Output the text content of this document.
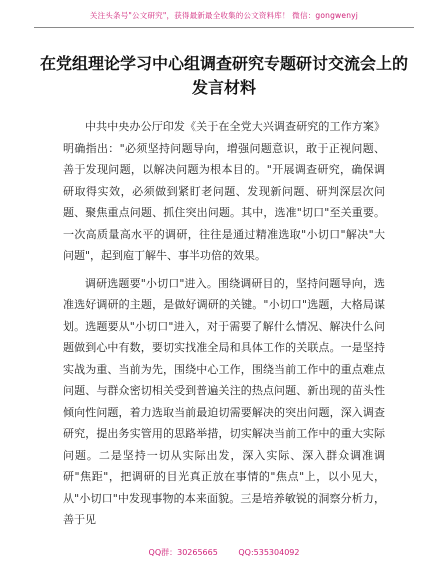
关注头条号"公文研究"，获得最新最全收集的公文资料库！ 微信：gongwenyj
在党组理论学习中心组调查研究专题研讨交流会上的发言材料

中共中央办公厅印发《关于在全党大兴调查研究的工作方案》明确指出："必须坚持问题导向，增强问题意识，敢于正视问题、善于发现问题，以解决问题为根本目的。"开展调查研究，确保调研取得实效，必须做到紧盯老问题、发现新问题、研判深层次问题、聚焦重点问题、抓住突出问题。其中，选准"切口"至关重要。一次高质量高水平的调研，往往是通过精准选取"小切口"解决"大问题"，起到庖丁解牛、事半功倍的效果。

调研选题要"小切口"进入。围绕调研目的，坚持问题导向，选准选好调研的主题，是做好调研的关键。"小切口"选题，大格局谋划。选题要从"小切口"进入，对于需要了解什么情况、解决什么问题做到心中有数，要切实找准全局和具体工作的关联点。一是坚持实战为重、当前为先，围绕中心工作，围绕当前工作中的重点难点问题、与群众密切相关受到普遍关注的热点问题、新出现的苗头性倾向性问题，着力选取当前最迫切需要解决的突出问题，深入调查研究，提出务实管用的思路举措，切实解决当前工作中的重大实际问题。二是坚持一切从实际出发，深入实际、深入群众调准调研"焦距"，把调研的目光真正放在事情的"焦点"上，以小见大，从"小切口"中发现事物的本来面貌。三是培养敏锐的洞察分析力，善于见

QQ群：30265665 QQ:535304092
